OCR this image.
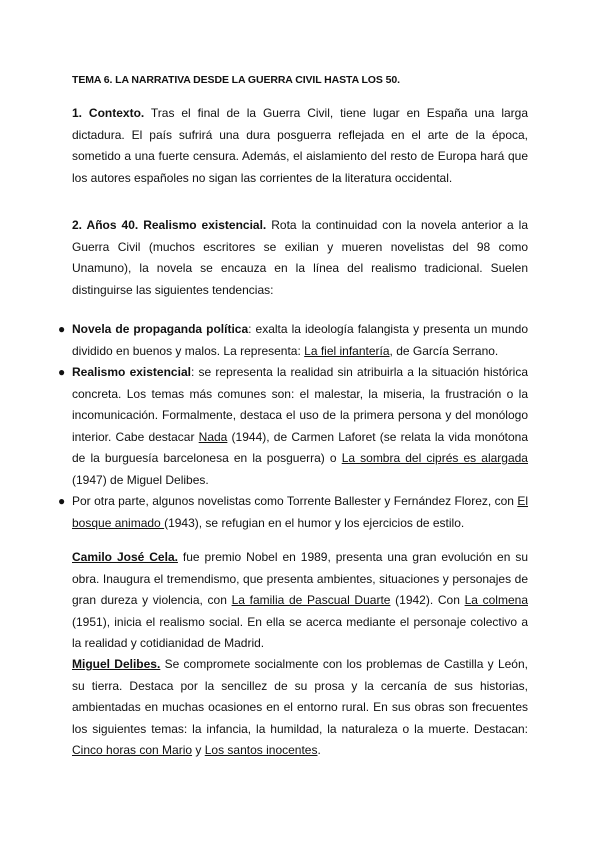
TEMA 6. LA NARRATIVA DESDE LA GUERRA CIVIL HASTA LOS 50.

1. Contexto. Tras el final de la Guerra Civil, tiene lugar en España una larga dictadura. El país sufrirá una dura posguerra reflejada en el arte de la época, sometido a una fuerte censura. Además, el aislamiento del resto de Europa hará que los autores españoles no sigan las corrientes de la literatura occidental.

2. Años 40. Realismo existencial. Rota la continuidad con la novela anterior a la Guerra Civil (muchos escritores se exilian y mueren novelistas del 98 como Unamuno), la novela se encauza en la línea del realismo tradicional. Suelen distinguirse las siguientes tendencias:

● Novela de propaganda política: exalta la ideología falangista y presenta un mundo dividido en buenos y malos. La representa: La fiel infantería, de García Serrano.
● Realismo existencial: se representa la realidad sin atribuirla a la situación histórica concreta. Los temas más comunes son: el malestar, la miseria, la frustración o la incomunicación. Formalmente, destaca el uso de la primera persona y del monólogo interior. Cabe destacar Nada (1944), de Carmen Laforet (se relata la vida monótona de la burguesía barcelonesa en la posguerra) o La sombra del ciprés es alargada (1947) de Miguel Delibes.
● Por otra parte, algunos novelistas como Torrente Ballester y Fernández Florez, con El bosque animado (1943), se refugian en el humor y los ejercicios de estilo.

Camilo José Cela. fue premio Nobel en 1989, presenta una gran evolución en su obra. Inaugura el tremendismo, que presenta ambientes, situaciones y personajes de gran dureza y violencia, con La familia de Pascual Duarte (1942). Con La colmena (1951), inicia el realismo social. En ella se acerca mediante el personaje colectivo a la realidad y cotidianidad de Madrid.

Miguel Delibes. Se compromete socialmente con los problemas de Castilla y León, su tierra. Destaca por la sencillez de su prosa y la cercanía de sus historias, ambientadas en muchas ocasiones en el entorno rural. En sus obras son frecuentes los siguientes temas: la infancia, la humildad, la naturaleza o la muerte. Destacan: Cinco horas con Mario y Los santos inocentes.
